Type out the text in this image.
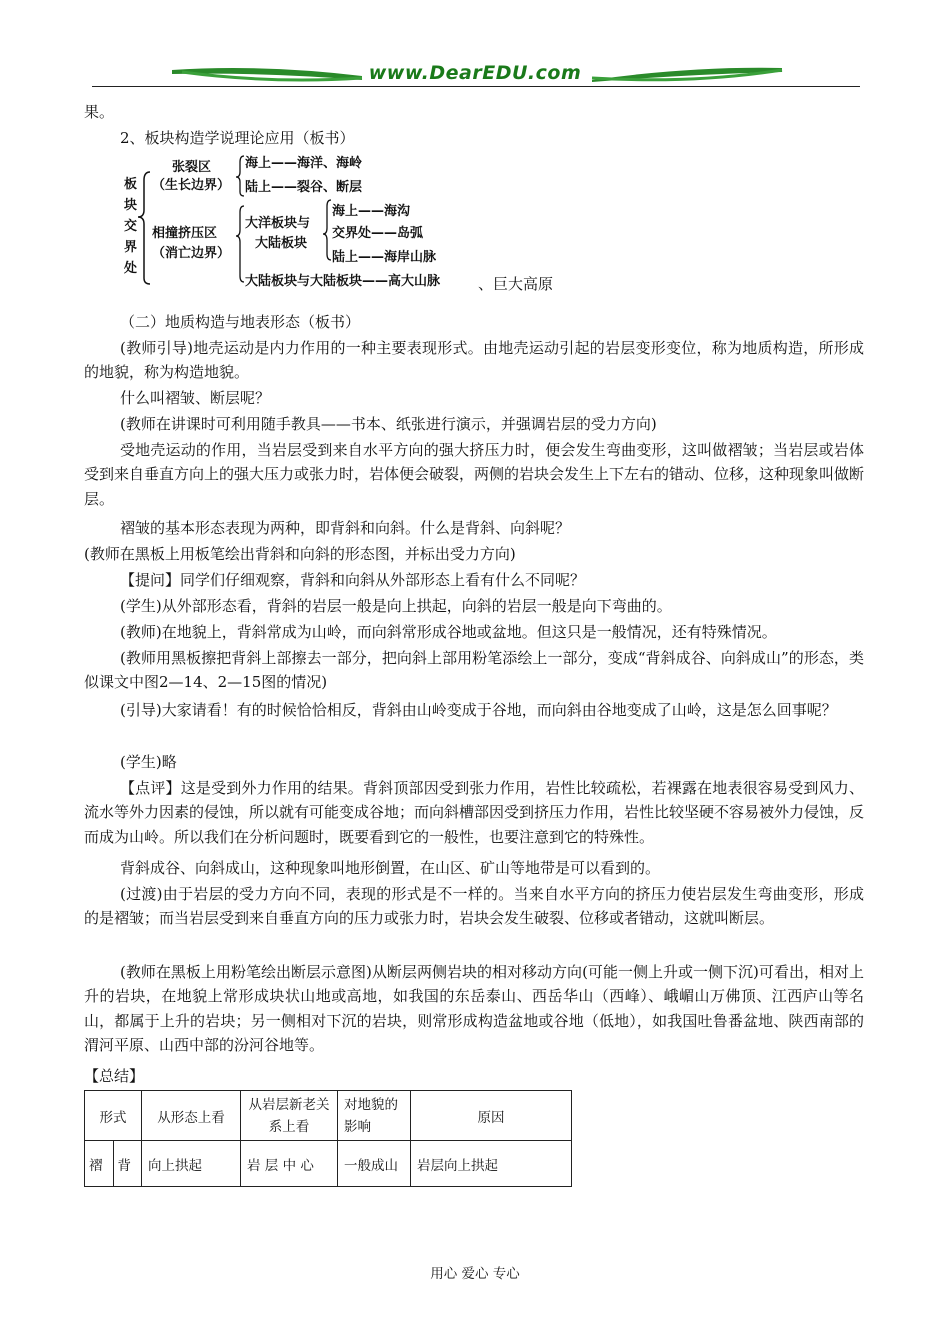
www.DearEDU.com
果。
2、板块构造学说理论应用（板书）
板
块
交
界
处
张裂区
（生长边界）
海上——海洋、海岭
陆上——裂谷、断层
相撞挤压区
（消亡边界）
大洋板块与
大陆板块
海上——海沟
交界处——岛弧
陆上——海岸山脉
大陆板块与大陆板块——高大山脉	、巨大高原
（二）地质构造与地表形态（板书）
(教师引导)地壳运动是内力作用的一种主要表现形式。由地壳运动引起的岩层变形变位，称为地质构造，所形成的地貌，称为构造地貌。
什么叫褶皱、断层呢？
(教师在讲课时可利用随手教具——书本、纸张进行演示，并强调岩层的受力方向)
受地壳运动的作用，当岩层受到来自水平方向的强大挤压力时，便会发生弯曲变形，这叫做褶皱；当岩层或岩体受到来自垂直方向上的强大压力或张力时，岩体便会破裂，两侧的岩块会发生上下左右的错动、位移，这种现象叫做断层。
褶皱的基本形态表现为两种，即背斜和向斜。什么是背斜、向斜呢？
(教师在黑板上用板笔绘出背斜和向斜的形态图，并标出受力方向)
【提问】同学们仔细观察，背斜和向斜从外部形态上看有什么不同呢？
(学生)从外部形态看，背斜的岩层一般是向上拱起，向斜的岩层一般是向下弯曲的。
(教师)在地貌上，背斜常成为山岭，而向斜常形成谷地或盆地。但这只是一般情况，还有特殊情况。
(教师用黑板擦把背斜上部擦去一部分，把向斜上部用粉笔添绘上一部分，变成“背斜成谷、向斜成山”的形态，类似课文中图2—14、2—15图的情况)
(引导)大家请看！有的时候恰恰相反，背斜由山岭变成于谷地，而向斜由谷地变成了山岭，这是怎么回事呢？
(学生)略
【点评】这是受到外力作用的结果。背斜顶部因受到张力作用，岩性比较疏松，若裸露在地表很容易受到风力、流水等外力因素的侵蚀，所以就有可能变成谷地；而向斜槽部因受到挤压力作用，岩性比较坚硬不容易被外力侵蚀，反而成为山岭。所以我们在分析问题时，既要看到它的一般性，也要注意到它的特殊性。
背斜成谷、向斜成山，这种现象叫地形倒置，在山区、矿山等地带是可以看到的。
(过渡)由于岩层的受力方向不同，表现的形式是不一样的。当来自水平方向的挤压力使岩层发生弯曲变形，形成的是褶皱；而当岩层受到来自垂直方向的压力或张力时，岩块会发生破裂、位移或者错动，这就叫断层。
(教师在黑板上用粉笔绘出断层示意图)从断层两侧岩块的相对移动方向(可能一侧上升或一侧下沉)可看出，相对上升的岩块，在地貌上常形成块状山地或高地，如我国的东岳泰山、西岳华山（西峰）、峨嵋山万佛顶、江西庐山等名山，都属于上升的岩块；另一侧相对下沉的岩块，则常形成构造盆地或谷地（低地），如我国吐鲁番盆地、陕西南部的渭河平原、山西中部的汾河谷地等。
【总结】
形式		从形态上看	从岩层新老关系上看	对地貌的影响	原因
褶	背	向上拱起	岩 层 中 心	一般成山	岩层向上拱起
用心 爱心 专心
